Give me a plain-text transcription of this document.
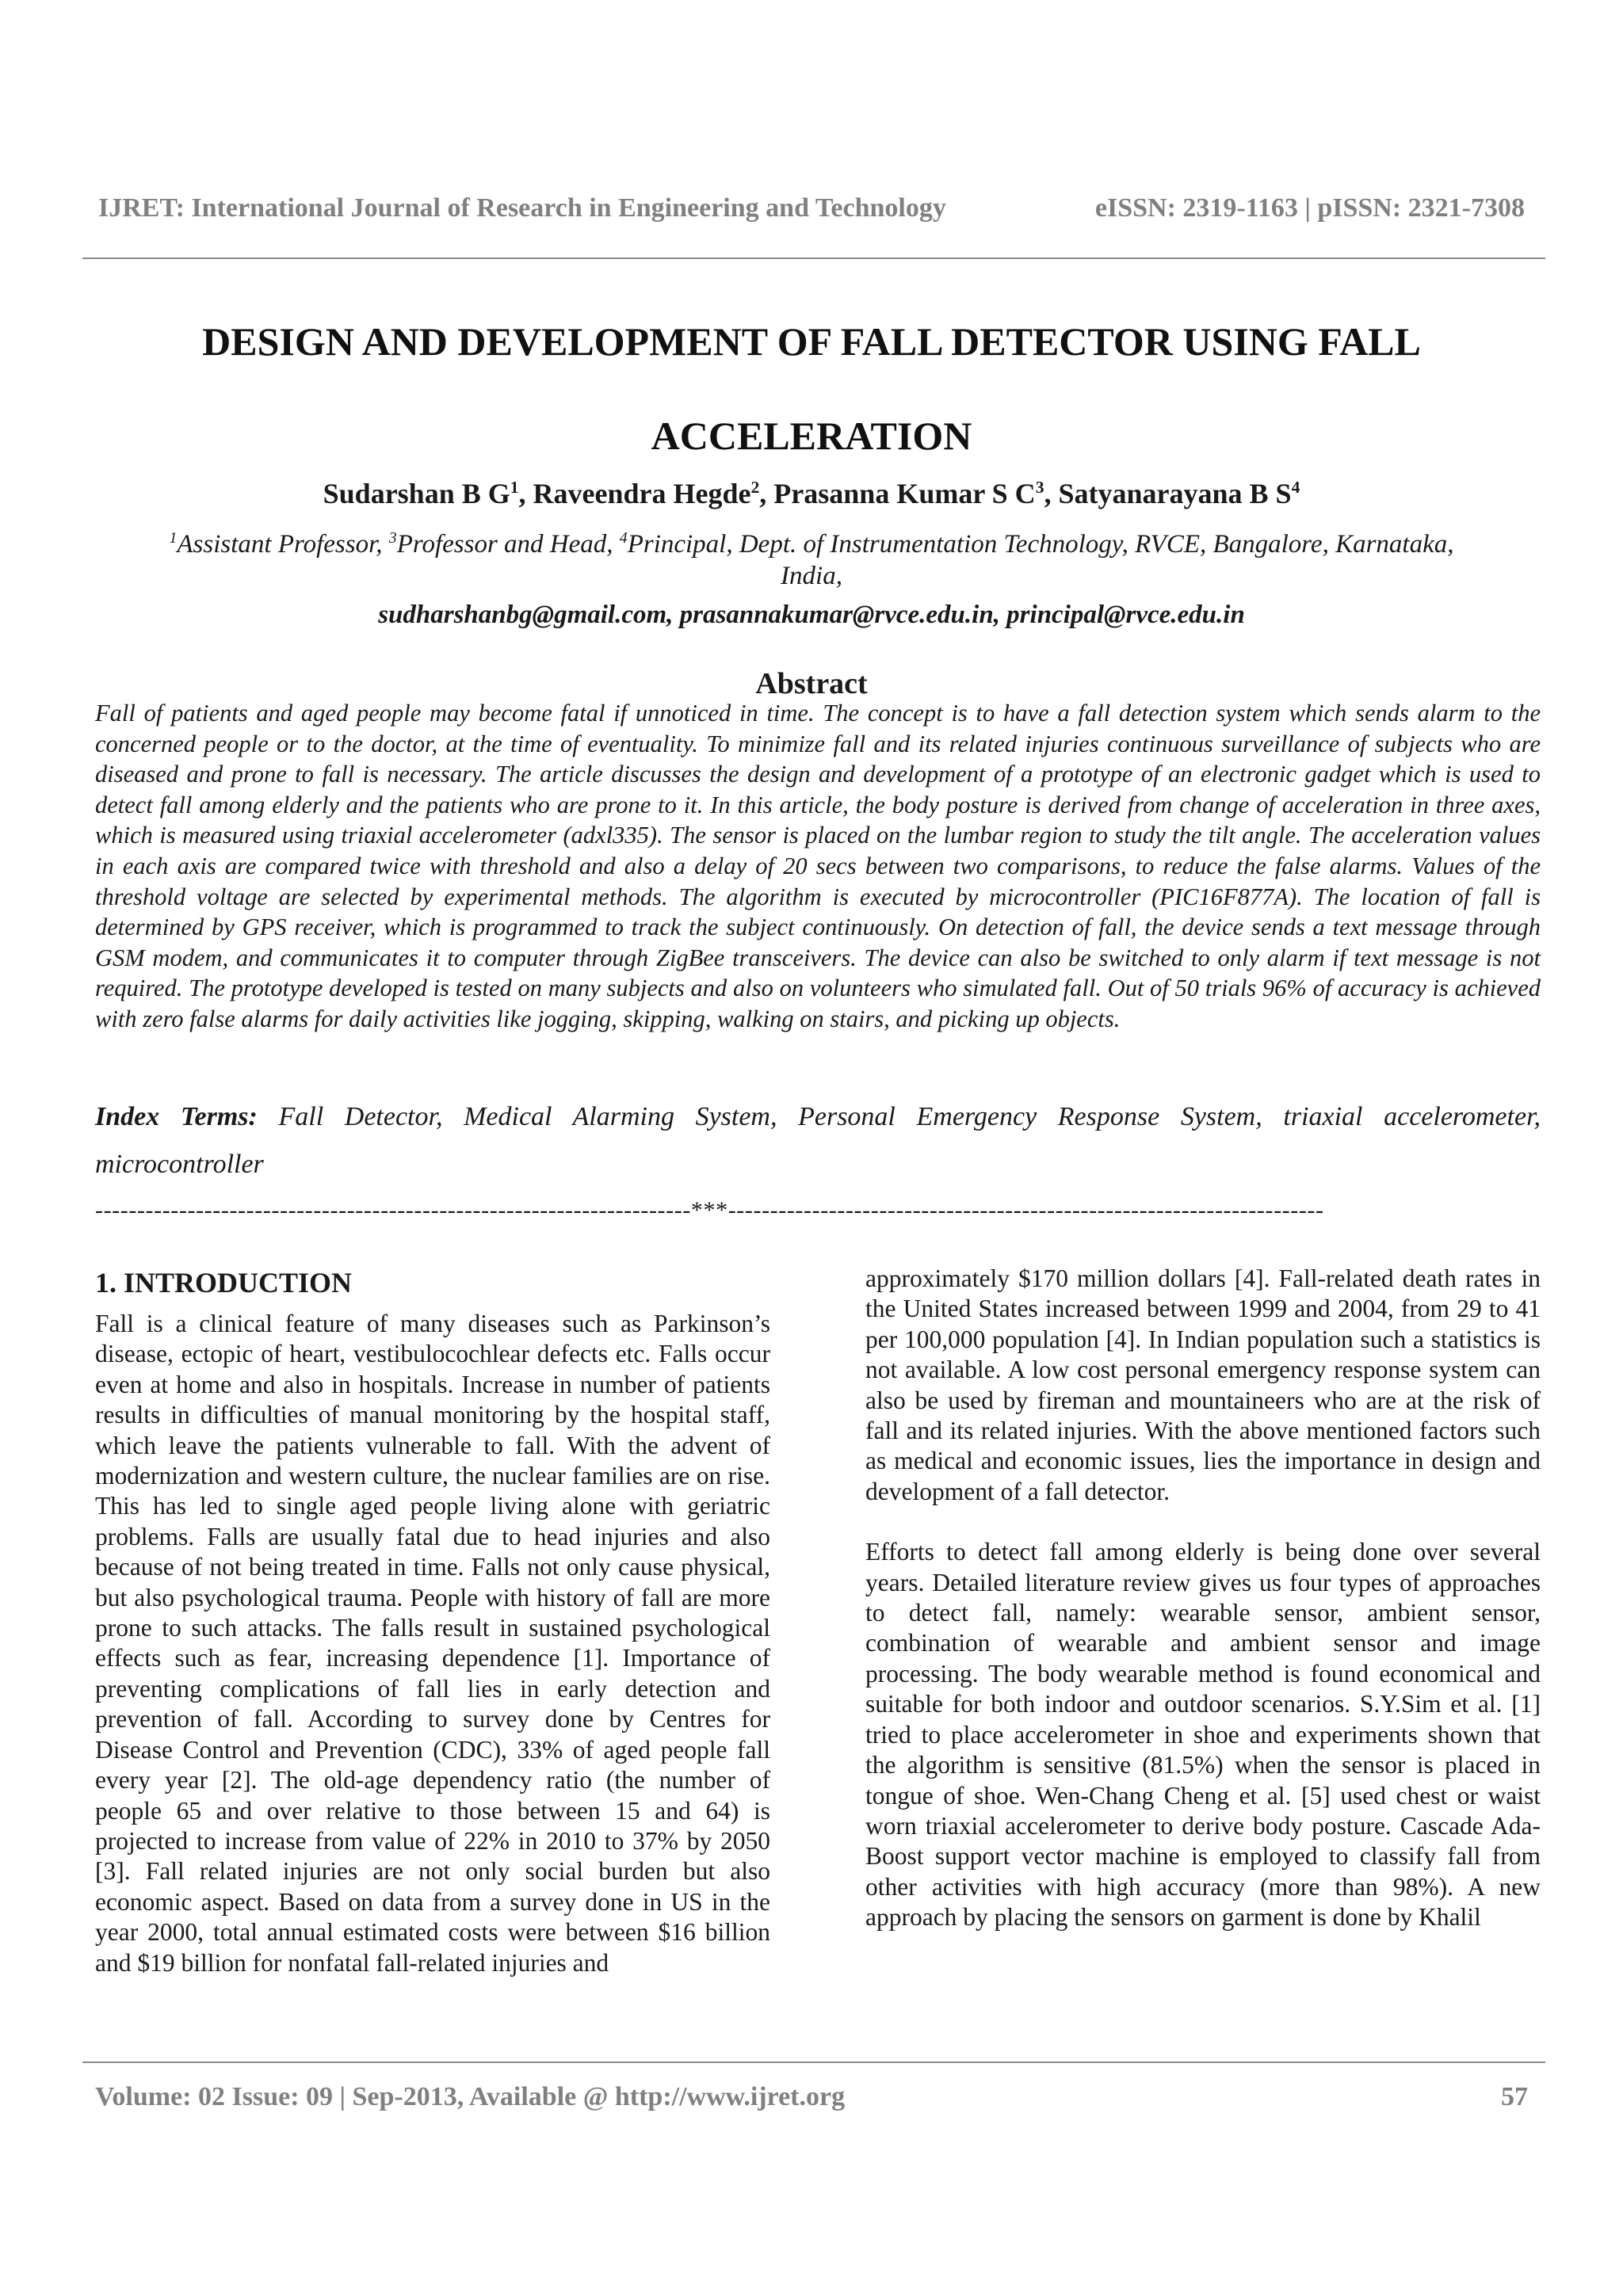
IJRET: International Journal of Research in Engineering and Technology	eISSN: 2319-1163 | pISSN: 2321-7308
DESIGN AND DEVELOPMENT OF FALL DETECTOR USING FALL ACCELERATION
Sudarshan B $G^1$, Raveendra Hegde$^2$, Prasanna Kumar S $C^3$, Satyanarayana B $S^4$
$^1$Assistant Professor, $^3$Professor and Head, $^4$Principal, Dept. of Instrumentation Technology, RVCE, Bangalore, Karnataka, India,
sudharshanbg@gmail.com, prasannakumar@rvce.edu.in, principal@rvce.edu.in
Abstract
Fall of patients and aged people may become fatal if unnoticed in time. The concept is to have a fall detection system which sends alarm to the concerned people or to the doctor, at the time of eventuality. To minimize fall and its related injuries continuous surveillance of subjects who are diseased and prone to fall is necessary. The article discusses the design and development of a prototype of an electronic gadget which is used to detect fall among elderly and the patients who are prone to it. In this article, the body posture is derived from change of acceleration in three axes, which is measured using triaxial accelerometer (adxl335). The sensor is placed on the lumbar region to study the tilt angle. The acceleration values in each axis are compared twice with threshold and also a delay of 20 secs between two comparisons, to reduce the false alarms. Values of the threshold voltage are selected by experimental methods. The algorithm is executed by microcontroller (PIC16F877A). The location of fall is determined by GPS receiver, which is programmed to track the subject continuously. On detection of fall, the device sends a text message through GSM modem, and communicates it to computer through ZigBee transceivers. The device can also be switched to only alarm if text message is not required. The prototype developed is tested on many subjects and also on volunteers who simulated fall. Out of 50 trials 96% of accuracy is achieved with zero false alarms for daily activities like jogging, skipping, walking on stairs, and picking up objects.
Index Terms: Fall Detector, Medical Alarming System, Personal Emergency Response System, triaxial accelerometer, microcontroller
-----------------------------------------------------------------------***-----------------------------------------------------------------------
1. INTRODUCTION

Fall is a clinical feature of many diseases such as Parkinson’s disease, ectopic of heart, vestibulocochlear defects etc. Falls occur even at home and also in hospitals. Increase in number of patients results in difficulties of manual monitoring by the hospital staff, which leave the patients vulnerable to fall. With the advent of modernization and western culture, the nuclear families are on rise. This has led to single aged people living alone with geriatric problems. Falls are usually fatal due to head injuries and also because of not being treated in time. Falls not only cause physical, but also psychological trauma. People with history of fall are more prone to such attacks. The falls result in sustained psychological effects such as fear, increasing dependence [1]. Importance of preventing complications of fall lies in early detection and prevention of fall. According to survey done by Centres for Disease Control and Prevention (CDC), 33% of aged people fall every year [2]. The old-age dependency ratio (the number of people 65 and over relative to those between 15 and 64) is projected to increase from value of 22% in 2010 to 37% by 2050 [3]. Fall related injuries are not only social burden but also economic aspect. Based on data from a survey done in US in the year 2000, total annual estimated costs were between $16 billion and $19 billion for nonfatal fall-related injuries and

approximately $170 million dollars [4]. Fall-related death rates in the United States increased between 1999 and 2004, from 29 to 41 per 100,000 population [4]. In Indian population such a statistics is not available. A low cost personal emergency response system can also be used by fireman and mountaineers who are at the risk of fall and its related injuries. With the above mentioned factors such as medical and economic issues, lies the importance in design and development of a fall detector.

Efforts to detect fall among elderly is being done over several years. Detailed literature review gives us four types of approaches to detect fall, namely: wearable sensor, ambient sensor, combination of wearable and ambient sensor and image processing. The body wearable method is found economical and suitable for both indoor and outdoor scenarios. S.Y.Sim et al. [1] tried to place accelerometer in shoe and experiments shown that the algorithm is sensitive (81.5%) when the sensor is placed in tongue of shoe. Wen-Chang Cheng et al. [5] used chest or waist worn triaxial accelerometer to derive body posture. Cascade Ada-Boost support vector machine is employed to classify fall from other activities with high accuracy (more than 98%). A new approach by placing the sensors on garment is done by Khalil

Volume: 02 Issue: 09 | Sep-2013, Available @ http://www.ijret.org	57
